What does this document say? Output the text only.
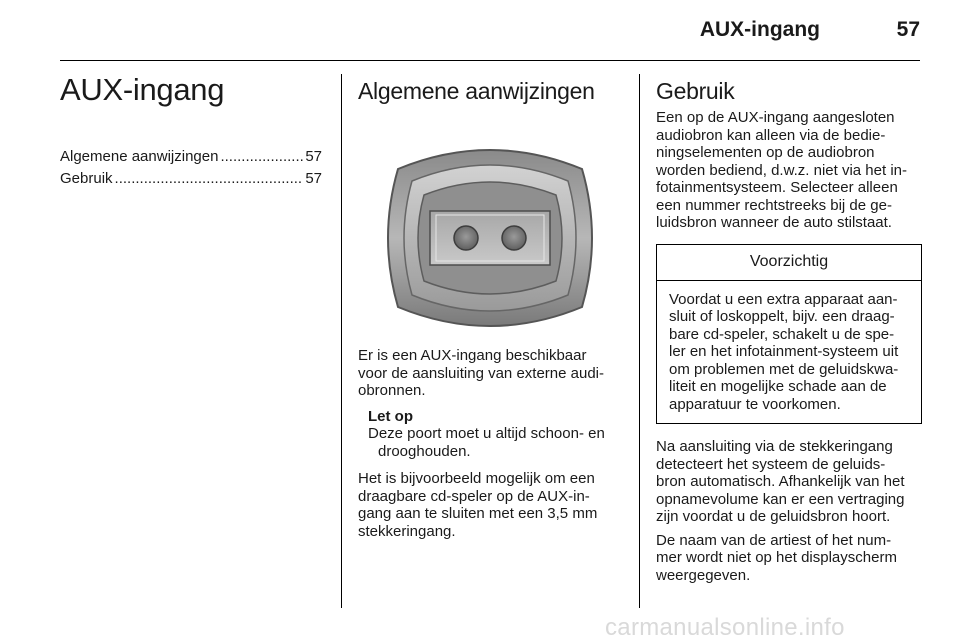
AUX-ingang	57
AUX-ingang
Algemene aanwijzingen .....	57
Gebruik .....	57
Algemene aanwijzingen

Er is een AUX-ingang beschikbaar
voor de aansluiting van externe audi-
obronnen.

Let op

Deze poort moet u altijd schoon- en

drooghouden.

Het is bijvoorbeeld mogelijk om een
draagbare cd-speler op de AUX-in-
gang aan te sluiten met een 3,5 mm
stekkeringang.

Gebruik

Een op de AUX-ingang aangesloten
audiobron kan alleen via de bedie-
ningselementen op de audiobron
worden bediend, d.w.z. niet via het in-
fotainmentsysteem. Selecteer alleen
een nummer rechtstreeks bij de ge-
luidsbron wanneer de auto stilstaat.

Voorzichtig

Voordat u een extra apparaat aan-
sluit of loskoppelt, bijv. een draag-
bare cd-speler, schakelt u de spe-
ler en het infotainment-systeem uit
om problemen met de geluidskwa-
liteit en mogelijke schade aan de
apparatuur te voorkomen.

Na aansluiting via de stekkeringang
detecteert het systeem de geluids-
bron automatisch. Afhankelijk van het
opnamevolume kan er een vertraging
zijn voordat u de geluidsbron hoort.

De naam van de artiest of het num-
mer wordt niet op het displayscherm
weergegeven.

carmanualsonline.info
